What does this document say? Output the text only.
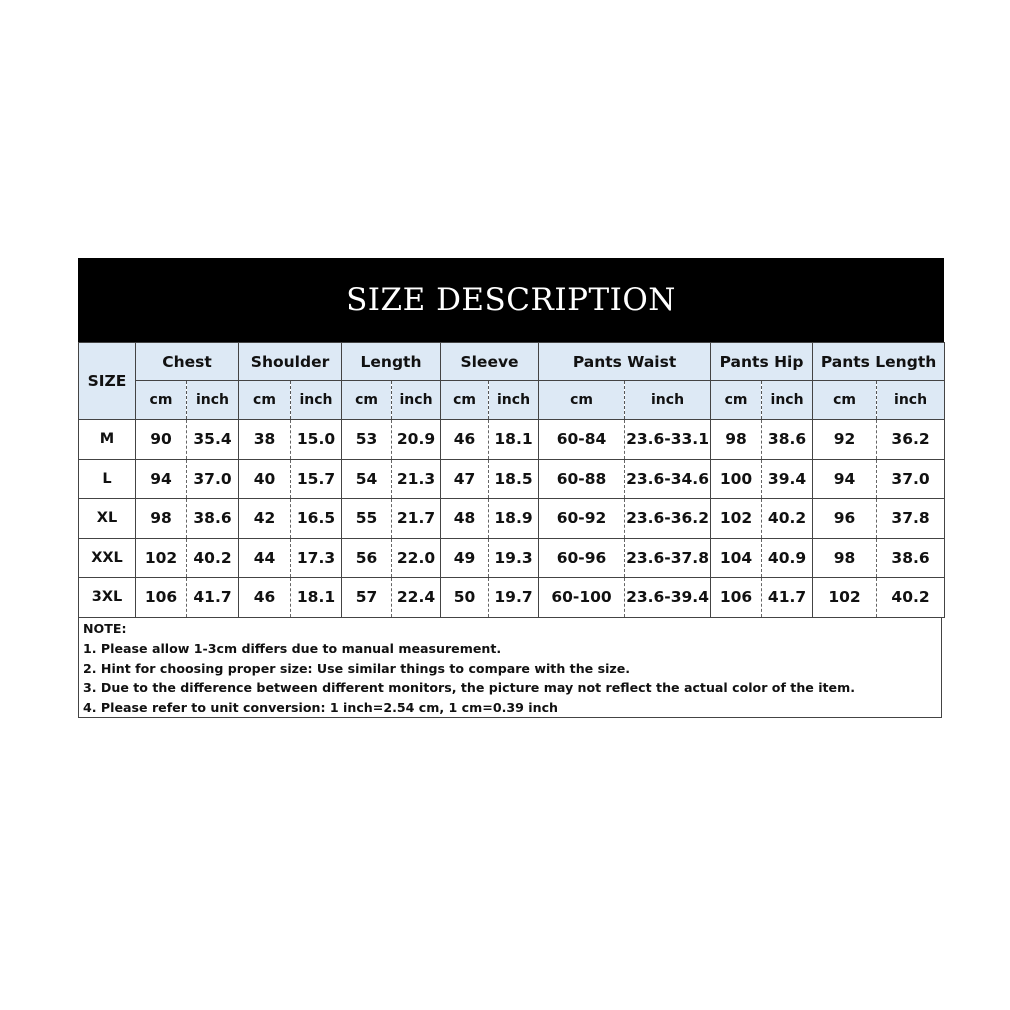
SIZE DESCRIPTION
SIZE	Chest		Shoulder		Length		Sleeve		Pants Waist		Pants Hip		Pants Length	
	cm	inch	cm	inch	cm	inch	cm	inch	cm	inch	cm	inch	cm	inch
M	90	35.4	38	15.0	53	20.9	46	18.1	60-84	23.6-33.1	98	38.6	92	36.2
L	94	37.0	40	15.7	54	21.3	47	18.5	60-88	23.6-34.6	100	39.4	94	37.0
XL	98	38.6	42	16.5	55	21.7	48	18.9	60-92	23.6-36.2	102	40.2	96	37.8
XXL	102	40.2	44	17.3	56	22.0	49	19.3	60-96	23.6-37.8	104	40.9	98	38.6
3XL	106	41.7	46	18.1	57	22.4	50	19.7	60-100	23.6-39.4	106	41.7	102	40.2
NOTE:
1. Please allow 1-3cm differs due to manual measurement.
2. Hint for choosing proper size: Use similar things to compare with the size.
3. Due to the difference between different monitors, the picture may not reflect the actual color of the item.
4. Please refer to unit conversion: 1 inch=2.54 cm, 1 cm=0.39 inch
